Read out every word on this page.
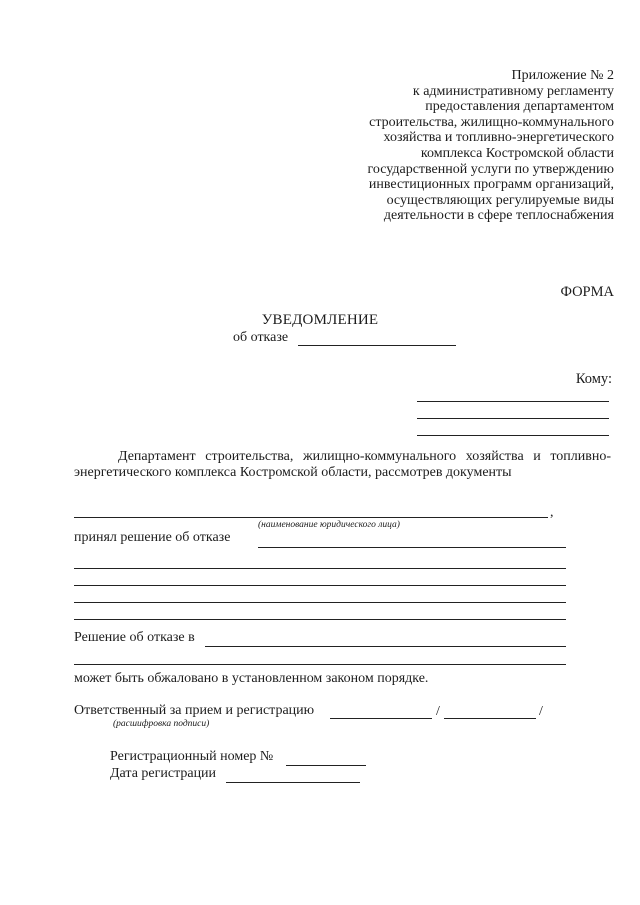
Приложение № 2
к административному регламенту
предоставления департаментом
строительства, жилищно-коммунального
хозяйства и топливно-энергетического
комплекса Костромской области
государственной услуги по утверждению
инвестиционных программ организаций,
осуществляющих регулируемые виды
деятельности в сфере теплоснабжения
ФОРМА
УВЕДОМЛЕНИЕ
об отказе
Кому:
Департамент строительства, жилищно-коммунального хозяйства и топливно-энергетического комплекса Костромской области, рассмотрев документы
,
(наименование юридического лица)
принял решение об отказе
Решение об отказе в
может быть обжаловано в установленном законом порядке.
Ответственный за прием и регистрацию	/	/
(расшифровка подписи)
Регистрационный номер №
Дата регистрации
